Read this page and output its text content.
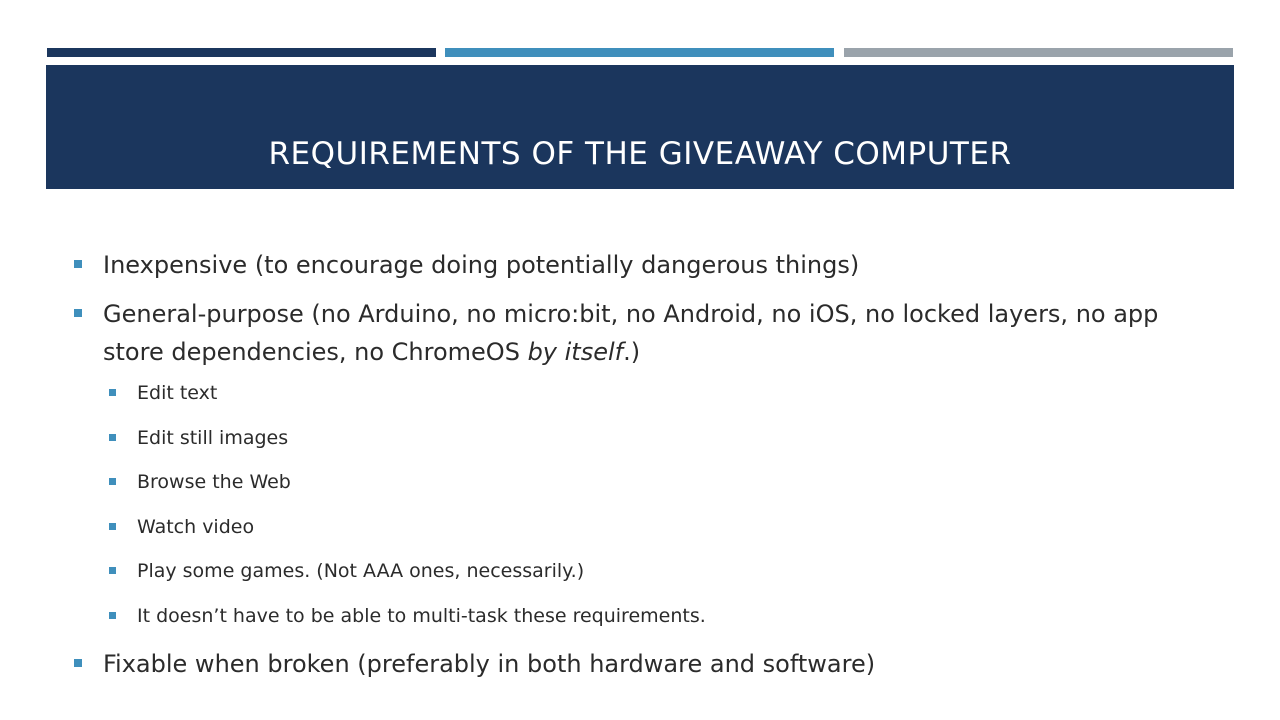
REQUIREMENTS OF THE GIVEAWAY COMPUTER
Inexpensive (to encourage doing potentially dangerous things)
General-purpose (no Arduino, no micro:bit, no Android, no iOS, no locked layers, no app store dependencies, no ChromeOS by itself.)
Edit text
Edit still images
Browse the Web
Watch video
Play some games. (Not AAA ones, necessarily.)
It doesn’t have to be able to multi-task these requirements.
Fixable when broken (preferably in both hardware and software)
